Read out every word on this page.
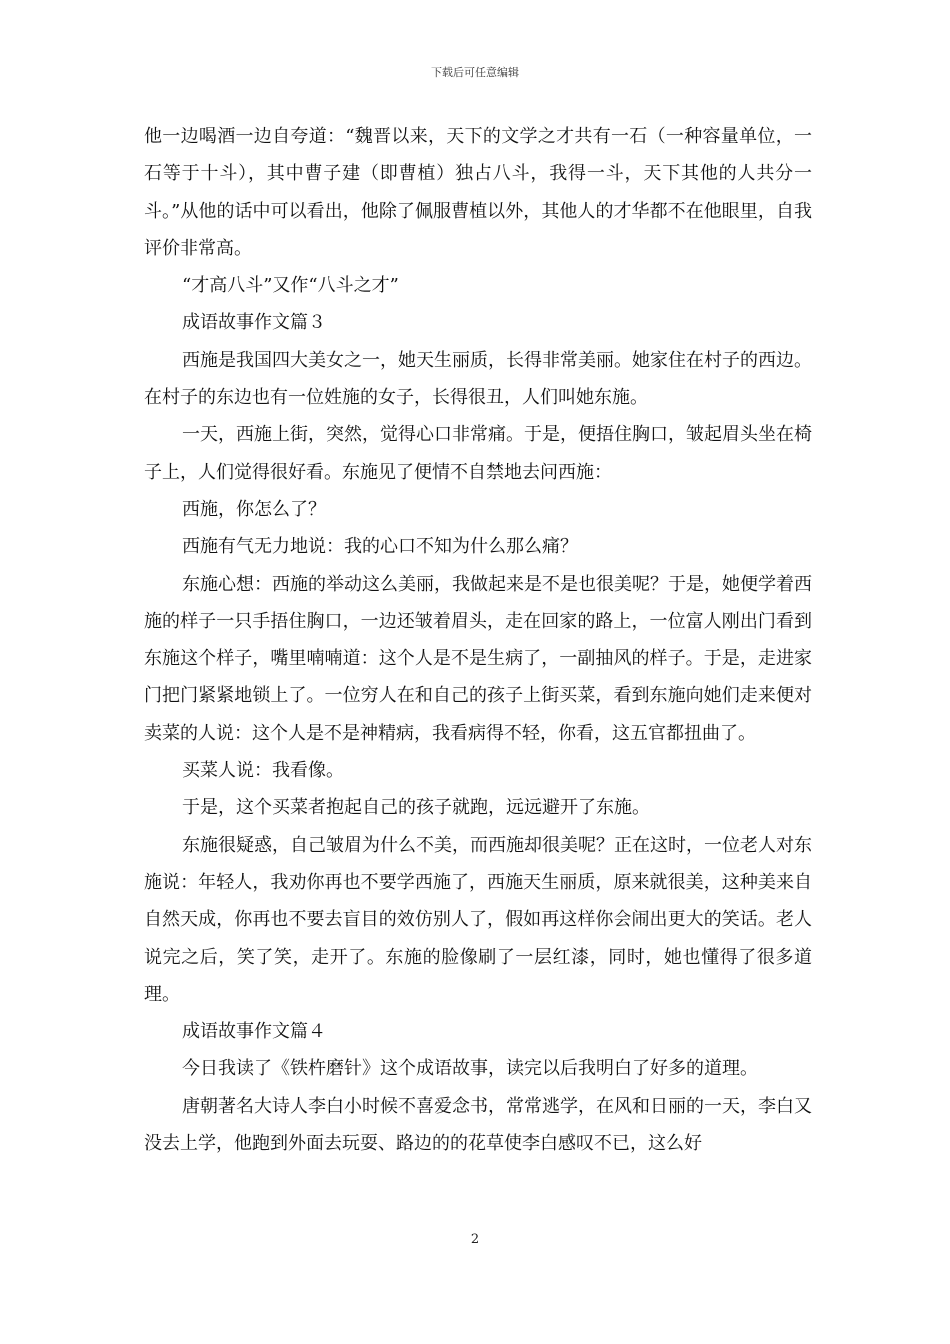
下载后可任意编辑

他一边喝酒一边自夸道：“魏晋以来，天下的文学之才共有一石（一种容量单位，一石等于十斗），其中曹子建（即曹植）独占八斗，我得一斗，天下其他的人共分一斗。”从他的话中可以看出，他除了佩服曹植以外，其他人的才华都不在他眼里，自我评价非常高。

“才高八斗”又作“八斗之才”

成语故事作文篇３

西施是我国四大美女之一，她天生丽质，长得非常美丽。她家住在村子的西边。在村子的东边也有一位姓施的女子，长得很丑，人们叫她东施。

一天，西施上街，突然，觉得心口非常痛。于是，便捂住胸口，皱起眉头坐在椅子上，人们觉得很好看。东施见了便情不自禁地去问西施：

西施，你怎么了？

西施有气无力地说：我的心口不知为什么那么痛？

东施心想：西施的举动这么美丽，我做起来是不是也很美呢？于是，她便学着西施的样子一只手捂住胸口，一边还皱着眉头，走在回家的路上，一位富人刚出门看到东施这个样子，嘴里喃喃道：这个人是不是生病了，一副抽风的样子。于是，走进家门把门紧紧地锁上了。一位穷人在和自己的孩子上街买菜，看到东施向她们走来便对卖菜的人说：这个人是不是神精病，我看病得不轻，你看，这五官都扭曲了。

买菜人说：我看像。

于是，这个买菜者抱起自己的孩子就跑，远远避开了东施。

东施很疑惑，自己皱眉为什么不美，而西施却很美呢？正在这时，一位老人对东施说：年轻人，我劝你再也不要学西施了，西施天生丽质，原来就很美，这种美来自自然天成，你再也不要去盲目的效仿别人了，假如再这样你会闹出更大的笑话。老人说完之后，笑了笑，走开了。东施的脸像刷了一层红漆，同时，她也懂得了很多道理。

成语故事作文篇４

今日我读了《铁杵磨针》这个成语故事，读完以后我明白了好多的道理。

唐朝著名大诗人李白小时候不喜爱念书，常常逃学，在风和日丽的一天，李白又没去上学，他跑到外面去玩耍、路边的的花草使李白感叹不已，这么好

2
